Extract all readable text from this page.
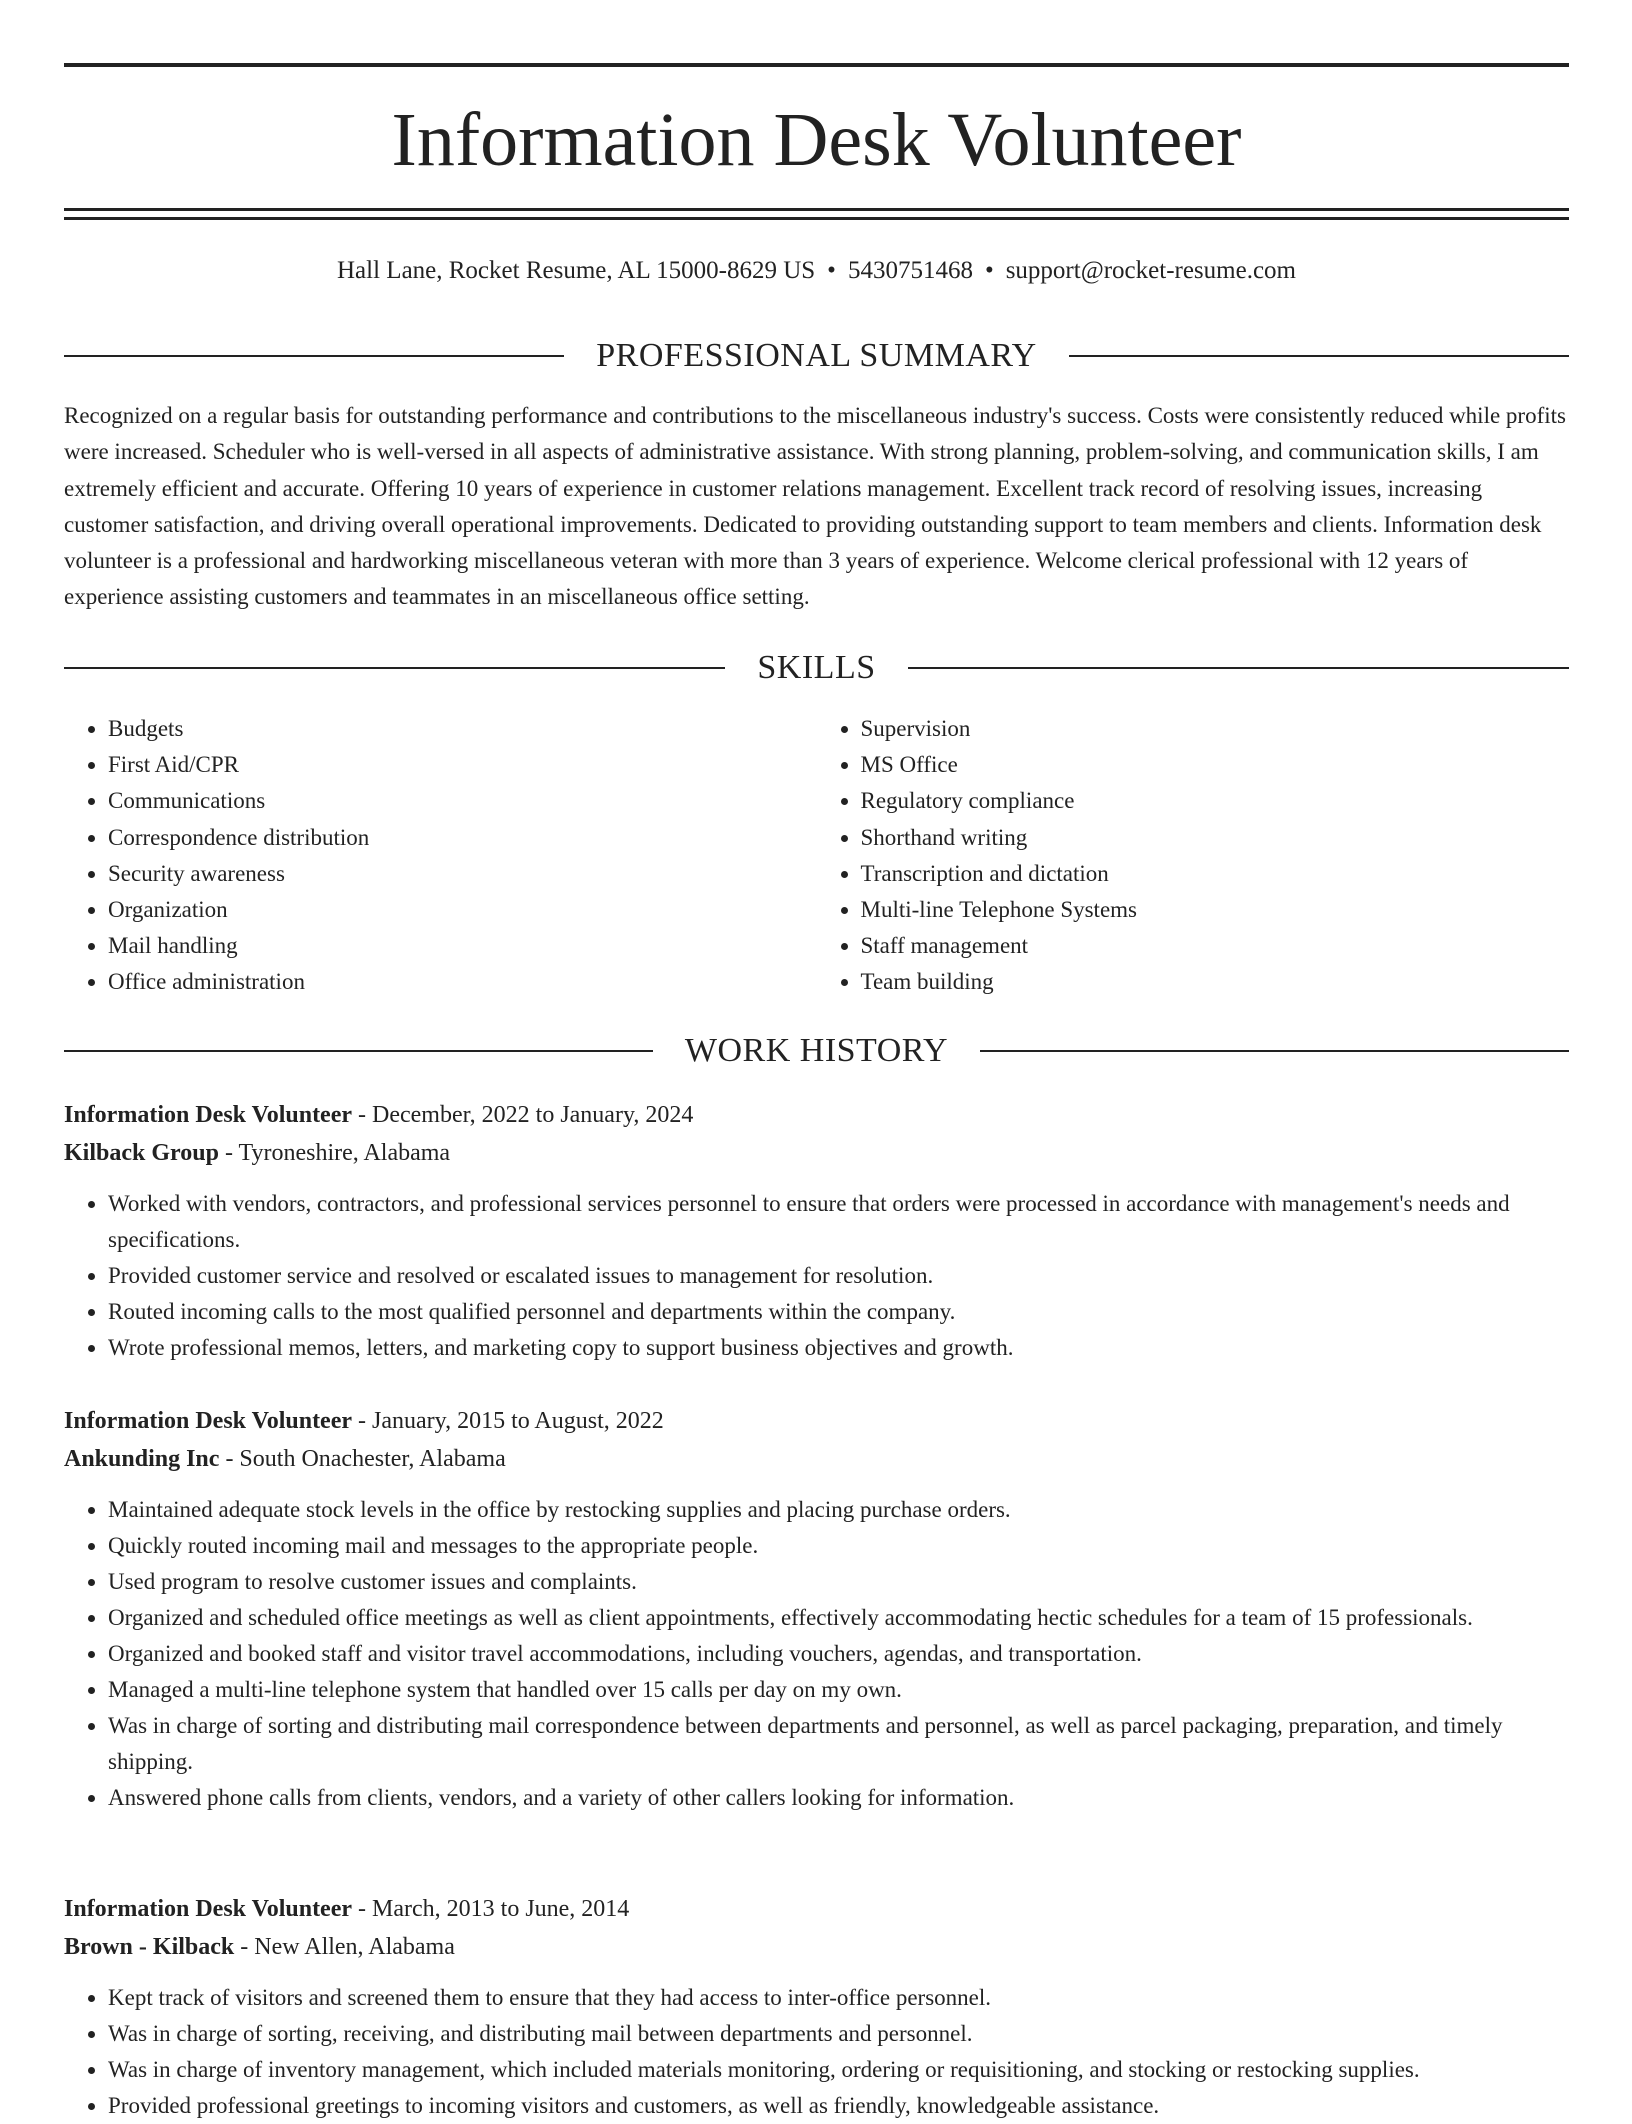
Information Desk Volunteer
Hall Lane, Rocket Resume, AL 15000-8629 US • 5430751468 • support@rocket-resume.com
PROFESSIONAL SUMMARY

Recognized on a regular basis for outstanding performance and contributions to the miscellaneous industry's success. Costs were consistently reduced while profits were increased. Scheduler who is well-versed in all aspects of administrative assistance. With strong planning, problem-solving, and communication skills, I am extremely efficient and accurate. Offering 10 years of experience in customer relations management. Excellent track record of resolving issues, increasing customer satisfaction, and driving overall operational improvements. Dedicated to providing outstanding support to team members and clients. Information desk volunteer is a professional and hardworking miscellaneous veteran with more than 3 years of experience. Welcome clerical professional with 12 years of experience assisting customers and teammates in an miscellaneous office setting.

SKILLS
• Budgets
• First Aid/CPR
• Communications
• Correspondence distribution
• Security awareness
• Organization
• Mail handling
• Office administration
• Supervision
• MS Office
• Regulatory compliance
• Shorthand writing
• Transcription and dictation
• Multi-line Telephone Systems
• Staff management
• Team building
WORK HISTORY

Information Desk Volunteer - December, 2022 to January, 2024

Kilback Group - Tyroneshire, Alabama

• Worked with vendors, contractors, and professional services personnel to ensure that orders were processed in accordance with management's needs and specifications.
• Provided customer service and resolved or escalated issues to management for resolution.
• Routed incoming calls to the most qualified personnel and departments within the company.
• Wrote professional memos, letters, and marketing copy to support business objectives and growth.

Information Desk Volunteer - January, 2015 to August, 2022

Ankunding Inc - South Onachester, Alabama

• Maintained adequate stock levels in the office by restocking supplies and placing purchase orders.
• Quickly routed incoming mail and messages to the appropriate people.
• Used program to resolve customer issues and complaints.
• Organized and scheduled office meetings as well as client appointments, effectively accommodating hectic schedules for a team of 15 professionals.
• Organized and booked staff and visitor travel accommodations, including vouchers, agendas, and transportation.
• Managed a multi-line telephone system that handled over 15 calls per day on my own.
• Was in charge of sorting and distributing mail correspondence between departments and personnel, as well as parcel packaging, preparation, and timely shipping.
• Answered phone calls from clients, vendors, and a variety of other callers looking for information.

Information Desk Volunteer - March, 2013 to June, 2014

Brown - Kilback - New Allen, Alabama

• Kept track of visitors and screened them to ensure that they had access to inter-office personnel.
• Was in charge of sorting, receiving, and distributing mail between departments and personnel.
• Was in charge of inventory management, which included materials monitoring, ordering or requisitioning, and stocking or restocking supplies.
• Provided professional greetings to incoming visitors and customers, as well as friendly, knowledgeable assistance.
